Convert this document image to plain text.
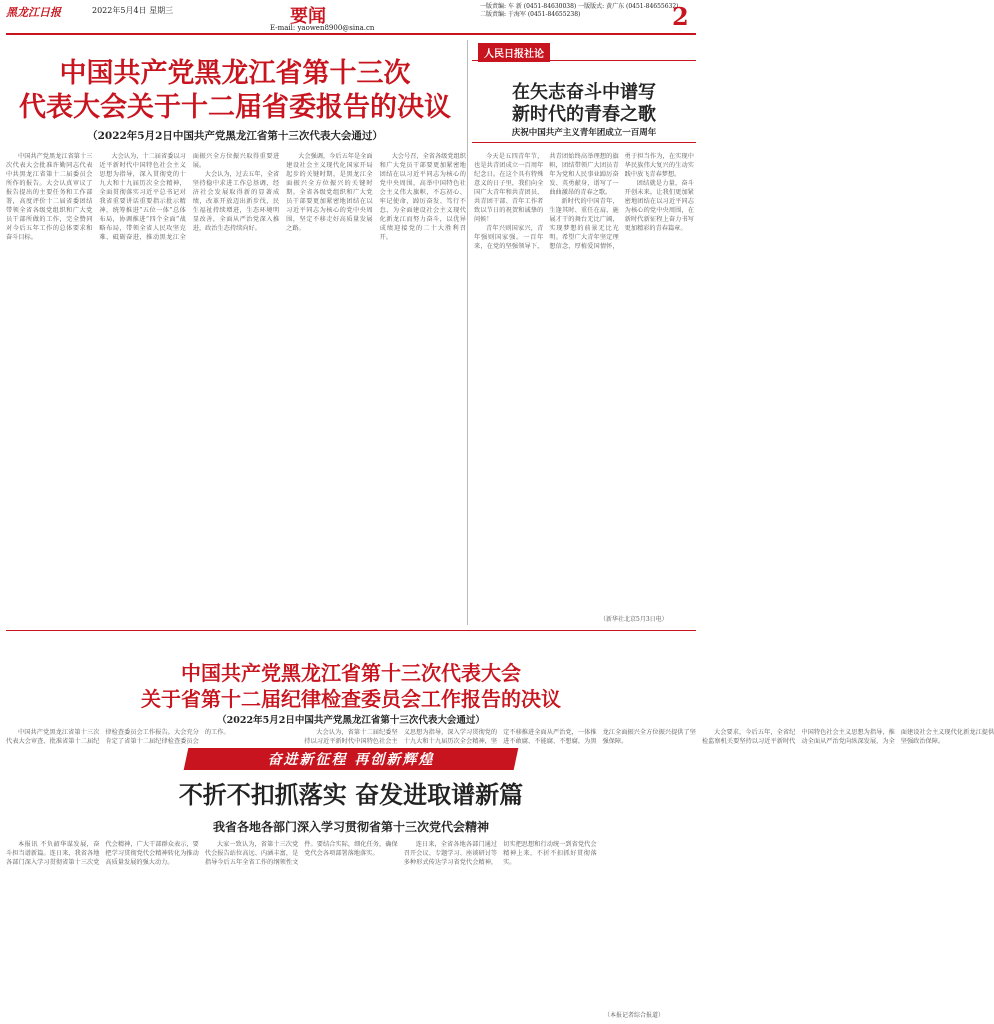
黑龙江日报	2022年5月4日 星期三	要闻
E-mail: yaowen8900@sina.cn
一版责编: 车 新 (0451-84630038) 一版版式: 黄广东 (0451-84655632) 二版责编: 于海军 (0451-84655238)	2
中国共产党黑龙江省第十三次
代表大会关于十二届省委报告的决议
（2022年5月2日中国共产党黑龙江省第十三次代表大会通过）

中国共产党黑龙江省第十三次代表大会批准许勤同志代表中共黑龙江省第十二届委员会所作的报告。大会认真审议了报告提出的主要任务和工作部署，高度评价十二届省委团结带领全省各级党组织和广大党员干部所做的工作，完全赞同对今后五年工作的总体要求和奋斗目标。

大会认为，十二届省委以习近平新时代中国特色社会主义思想为指导，深入贯彻党的十九大和十九届历次全会精神，全面贯彻落实习近平总书记对我省重要讲话重要指示批示精神，统筹推进“五位一体”总体布局，协调推进“四个全面”战略布局，带领全省人民攻坚克难、砥砺奋进，推动黑龙江全面振兴全方位振兴取得重要进展。

大会认为，过去五年，全省坚持稳中求进工作总基调，经济社会发展取得新的显著成绩，改革开放迈出新步伐，民生福祉持续增进，生态环境明显改善，全面从严治党深入推进，政治生态持续向好。

大会强调，今后五年是全面建设社会主义现代化国家开局起步的关键时期，是黑龙江全面振兴全方位振兴的关键时期。全省各级党组织和广大党员干部要更加紧密地团结在以习近平同志为核心的党中央周围，坚定不移走好高质量发展之路。

大会号召，全省各级党组织和广大党员干部要更加紧密地团结在以习近平同志为核心的党中央周围，高举中国特色社会主义伟大旗帜，不忘初心、牢记使命，踔厉奋发、笃行不怠，为全面建设社会主义现代化新龙江而努力奋斗，以优异成绩迎接党的二十大胜利召开。

人民日报社论
在矢志奋斗中谱写
新时代的青春之歌
庆祝中国共产主义青年团成立一百周年

今天是五四青年节，也是共青团成立一百周年纪念日。在这个具有特殊意义的日子里，我们向全国广大青年和共青团员、共青团干部、青年工作者致以节日的祝贺和诚挚的问候！

青年兴则国家兴，青年强则国家强。一百年来，在党的坚强领导下，共青团始终高举理想的旗帜，团结带领广大团员青年为党和人民事业踔厉奋发、英勇献身，谱写了一曲曲激昂的青春之歌。

新时代的中国青年，生逢其时、重任在肩，施展才干的舞台无比广阔，实现梦想的前景无比光明。希望广大青年坚定理想信念，厚植爱国情怀，勇于担当作为，在实现中华民族伟大复兴的生动实践中放飞青春梦想。

团结就是力量，奋斗开创未来。让我们更加紧密地团结在以习近平同志为核心的党中央周围，在新时代新征程上奋力书写更加精彩的青春篇章。

（新华社北京5月3日电）
中国共产党黑龙江省第十三次代表大会
关于省第十二届纪律检查委员会工作报告的决议
（2022年5月2日中国共产党黑龙江省第十三次代表大会通过）

中国共产党黑龙江省第十三次代表大会审查、批准省第十二届纪律检查委员会工作报告。大会充分肯定了省第十二届纪律检查委员会的工作。	大会认为，省第十二届纪委坚持以习近平新时代中国特色社会主义思想为指导，深入学习贯彻党的十九大和十九届历次全会精神，坚定不移推进全面从严治党，一体推进不敢腐、不能腐、不想腐，为黑龙江全面振兴全方位振兴提供了坚强保障。

大会要求，今后五年，全省纪检监察机关要坚持以习近平新时代中国特色社会主义思想为指导，推动全面从严治党向纵深发展，为全面建设社会主义现代化新龙江提供坚强政治保障。

奋进新征程 再创新辉煌
不折不扣抓落实 奋发进取谱新篇
我省各地各部门深入学习贯彻省第十三次党代会精神

本报讯 不负韶华谋发展，奋斗担当谱新篇。连日来，我省各地各部门深入学习贯彻省第十三次党代会精神，广大干部群众表示，要把学习贯彻党代会精神转化为推动高质量发展的强大动力。

大家一致认为，省第十三次党代会报告站位高远、内涵丰富，是指导今后五年全省工作的纲领性文件。要结合实际，细化任务，确保党代会各项部署落地落实。

连日来，全省各地各部门通过召开会议、专题学习、座谈研讨等多种形式传达学习省党代会精神，切实把思想和行动统一到省党代会精神上来，不折不扣抓好贯彻落实。

（本报记者综合报道）
